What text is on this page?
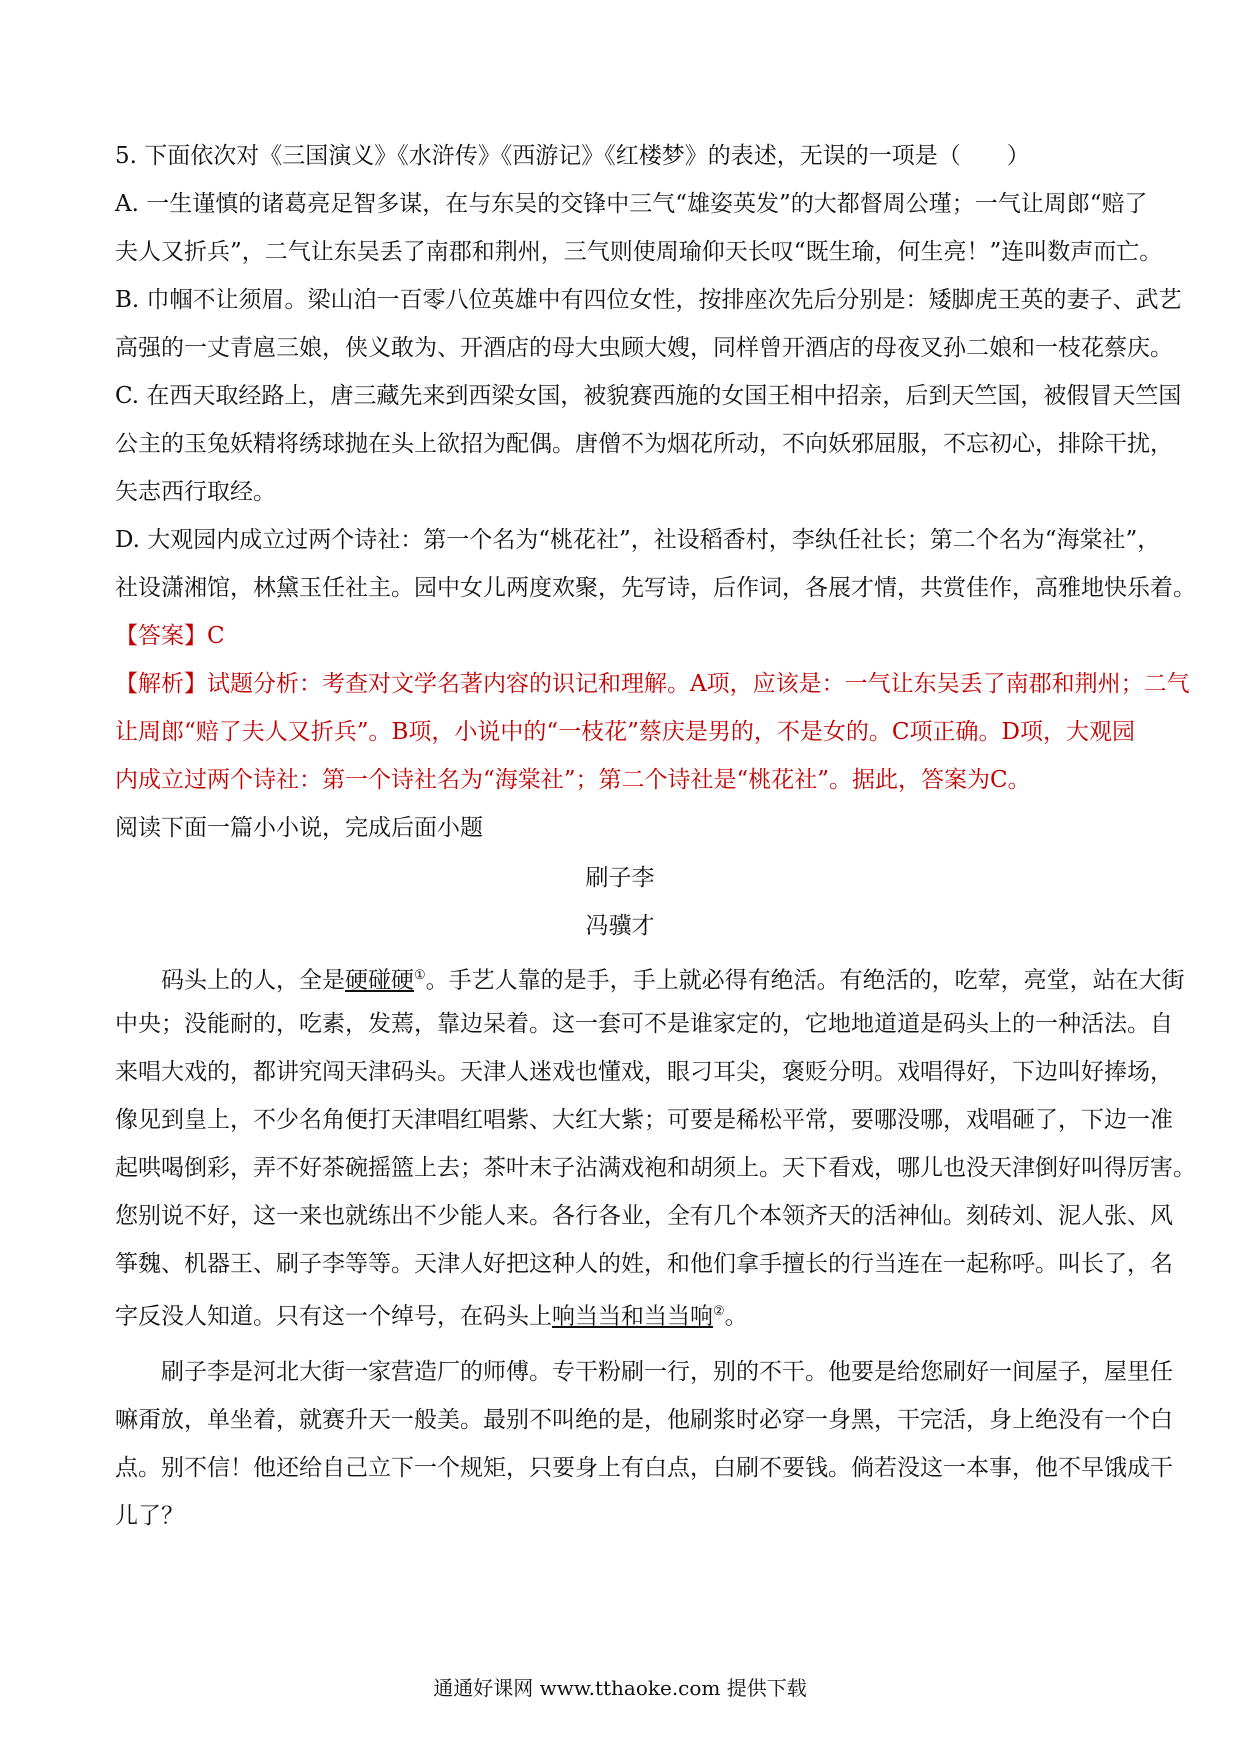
5. 下面依次对《三国演义》《水浒传》《西游记》《红楼梦》的表述，无误的一项是（　　）
A. 一生谨慎的诸葛亮足智多谋，在与东吴的交锋中三气“雄姿英发”的大都督周公瑾；一气让周郎“赔了
夫人又折兵”，二气让东吴丢了南郡和荆州，三气则使周瑜仰天长叹“既生瑜，何生亮！”连叫数声而亡。
B. 巾帼不让须眉。梁山泊一百零八位英雄中有四位女性，按排座次先后分别是：矮脚虎王英的妻子、武艺
高强的一丈青扈三娘，侠义敢为、开酒店的母大虫顾大嫂，同样曾开酒店的母夜叉孙二娘和一枝花蔡庆。
C. 在西天取经路上，唐三藏先来到西梁女国，被貌赛西施的女国王相中招亲，后到天竺国，被假冒天竺国
公主的玉兔妖精将绣球抛在头上欲招为配偶。唐僧不为烟花所动，不向妖邪屈服，不忘初心，排除干扰，
矢志西行取经。
D. 大观园内成立过两个诗社：第一个名为“桃花社”，社设稻香村，李纨任社长；第二个名为“海棠社”，
社设潇湘馆，林黛玉任社主。园中女儿两度欢聚，先写诗，后作词，各展才情，共赏佳作，高雅地快乐着。
【答案】C
【解析】试题分析：考查对文学名著内容的识记和理解。A项，应该是：一气让东吴丢了南郡和荆州；二气
让周郎“赔了夫人又折兵”。B项，小说中的“一枝花”蔡庆是男的，不是女的。C项正确。D项，大观园
内成立过两个诗社：第一个诗社名为“海棠社”；第二个诗社是“桃花社”。据此，答案为C。
阅读下面一篇小小说，完成后面小题
刷子李
冯骥才
码头上的人，全是硬碰硬①。手艺人靠的是手，手上就必得有绝活。有绝活的，吃荤，亮堂，站在大街
中央；没能耐的，吃素，发蔫，靠边呆着。这一套可不是谁家定的，它地地道道是码头上的一种活法。自
来唱大戏的，都讲究闯天津码头。天津人迷戏也懂戏，眼刁耳尖，褒贬分明。戏唱得好，下边叫好捧场，
像见到皇上，不少名角便打天津唱红唱紫、大红大紫；可要是稀松平常，要哪没哪，戏唱砸了，下边一准
起哄喝倒彩，弄不好茶碗摇篮上去；茶叶末子沾满戏袍和胡须上。天下看戏，哪儿也没天津倒好叫得厉害。
您别说不好，这一来也就练出不少能人来。各行各业，全有几个本领齐天的活神仙。刻砖刘、泥人张、风
筝魏、机器王、刷子李等等。天津人好把这种人的姓，和他们拿手擅长的行当连在一起称呼。叫长了，名
字反没人知道。只有这一个绰号，在码头上响当当和当当响②。
刷子李是河北大街一家营造厂的师傅。专干粉刷一行，别的不干。他要是给您刷好一间屋子，屋里任
嘛甭放，单坐着，就赛升天一般美。最别不叫绝的是，他刷浆时必穿一身黑，干完活，身上绝没有一个白
点。别不信！他还给自己立下一个规矩，只要身上有白点，白刷不要钱。倘若没这一本事，他不早饿成干
儿了？
通通好课网 www.tthaoke.com 提供下载
